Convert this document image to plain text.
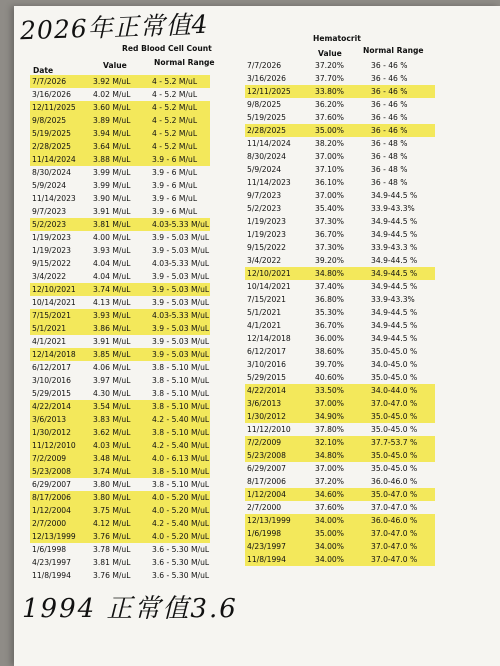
2026年正常值4
Red Blood Cell Count
Date
Value	Normal Range
7/7/2026	3.92 M/uL	4 - 5.2 M/uL
3/16/2026	4.02 M/uL	4 - 5.2 M/uL
12/11/2025 3.60 M/uL	4 - 5.2 M/uL
9/8/2025	3.89 M/uL	4 - 5.2 M/uL
5/19/2025	3.94 M/uL	4 - 5.2 M/uL
2/28/2025	3.64 M/uL	4 - 5.2 M/uL
11/14/2024 3.88 M/uL	3.9 - 6 M/uL
8/30/2024	3.99 M/uL	3.9 - 6 M/uL
5/9/2024	3.99 M/uL	3.9 - 6 M/uL
11/14/2023 3.90 M/uL	3.9 - 6 M/uL
9/7/2023	3.91 M/uL	3.9 - 6 M/uL
5/2/2023	3.81 M/uL	4.03-5.33 M/uL
1/19/2023	4.00 M/uL	3.9 - 5.03 M/uL
1/19/2023	3.93 M/uL	3.9 - 5.03 M/uL
9/15/2022	4.04 M/uL	4.03-5.33 M/uL
3/4/2022	4.04 M/uL	3.9 - 5.03 M/uL
12/10/2021 3.74 M/uL	3.9 - 5.03 M/uL
10/14/2021 4.13 M/uL	3.9 - 5.03 M/uL
7/15/2021	3.93 M/uL	4.03-5.33 M/uL
5/1/2021	3.86 M/uL	3.9 - 5.03 M/uL
4/1/2021	3.91 M/uL	3.9 - 5.03 M/uL
12/14/2018 3.85 M/uL	3.9 - 5.03 M/uL
6/12/2017	4.06 M/uL	3.8 - 5.10 M/uL
3/10/2016	3.97 M/uL	3.8 - 5.10 M/uL
5/29/2015	4.30 M/uL	3.8 - 5.10 M/uL
4/22/2014	3.54 M/uL	3.8 - 5.10 M/uL
3/6/2013	3.83 M/uL	4.2 - 5.40 M/uL
1/30/2012	3.62 M/uL	3.8 - 5.10 M/uL
11/12/2010 4.03 M/uL	4.2 - 5.40 M/uL
7/2/2009	3.48 M/uL	4.0 - 6.13 M/uL
5/23/2008	3.74 M/uL	3.8 - 5.10 M/uL
6/29/2007	3.80 M/uL	3.8 - 5.10 M/uL
8/17/2006	3.80 M/uL	4.0 - 5.20 M/uL
1/12/2004	3.75 M/uL	4.0 - 5.20 M/uL
2/7/2000	4.12 M/uL	4.2 - 5.40 M/uL
12/13/1999 3.76 M/uL	4.0 - 5.20 M/uL
1/6/1998	3.78 M/uL	3.6 - 5.30 M/uL
4/23/1997	3.81 M/uL	3.6 - 5.30 M/uL
11/8/1994	3.76 M/uL	3.6 - 5.30 M/uL
Hematocrit
Value	Normal Range
7/7/2026	37.20%	36 - 46 %
3/16/2026	37.70%	36 - 46 %
12/11/2025	33.80%	36 - 46 %
9/8/2025	36.20%	36 - 46 %
5/19/2025	37.60%	36 - 46 %
2/28/2025	35.00%	36 - 46 %
11/14/2024	38.20%	36 - 48 %
8/30/2024	37.00%	36 - 48 %
5/9/2024	37.10%	36 - 48 %
11/14/2023	36.10%	36 - 48 %
9/7/2023	37.00%	34.9-44.5 %
5/2/2023	35.40%	33.9-43.3%
1/19/2023	37.30%	34.9-44.5 %
1/19/2023	36.70%	34.9-44.5 %
9/15/2022	37.30%	33.9-43.3 %
3/4/2022	39.20%	34.9-44.5 %
12/10/2021	34.80%	34.9-44.5 %
10/14/2021	37.40%	34.9-44.5 %
7/15/2021	36.80%	33.9-43.3%
5/1/2021	35.30%	34.9-44.5 %
4/1/2021	36.70%	34.9-44.5 %
12/14/2018	36.00%	34.9-44.5 %
6/12/2017	38.60%	35.0-45.0 %
3/10/2016	39.70%	34.0-45.0 %
5/29/2015	40.60%	35.0-45.0 %
4/22/2014	33.50%	34.0-44.0 %
3/6/2013	37.00%	37.0-47.0 %
1/30/2012	34.90%	35.0-45.0 %
11/12/2010	37.80%	35.0-45.0 %
7/2/2009	32.10%	37.7-53.7 %
5/23/2008	34.80%	35.0-45.0 %
6/29/2007	37.00%	35.0-45.0 %
8/17/2006	37.20%	36.0-46.0 %
1/12/2004	34.60%	35.0-47.0 %
2/7/2000	37.60%	37.0-47.0 %
12/13/1999	34.00%	36.0-46.0 %
1/6/1998	35.00%	37.0-47.0 %
4/23/1997	34.00%	37.0-47.0 %
11/8/1994	34.00%	37.0-47.0 %
1994 正常值3.6
